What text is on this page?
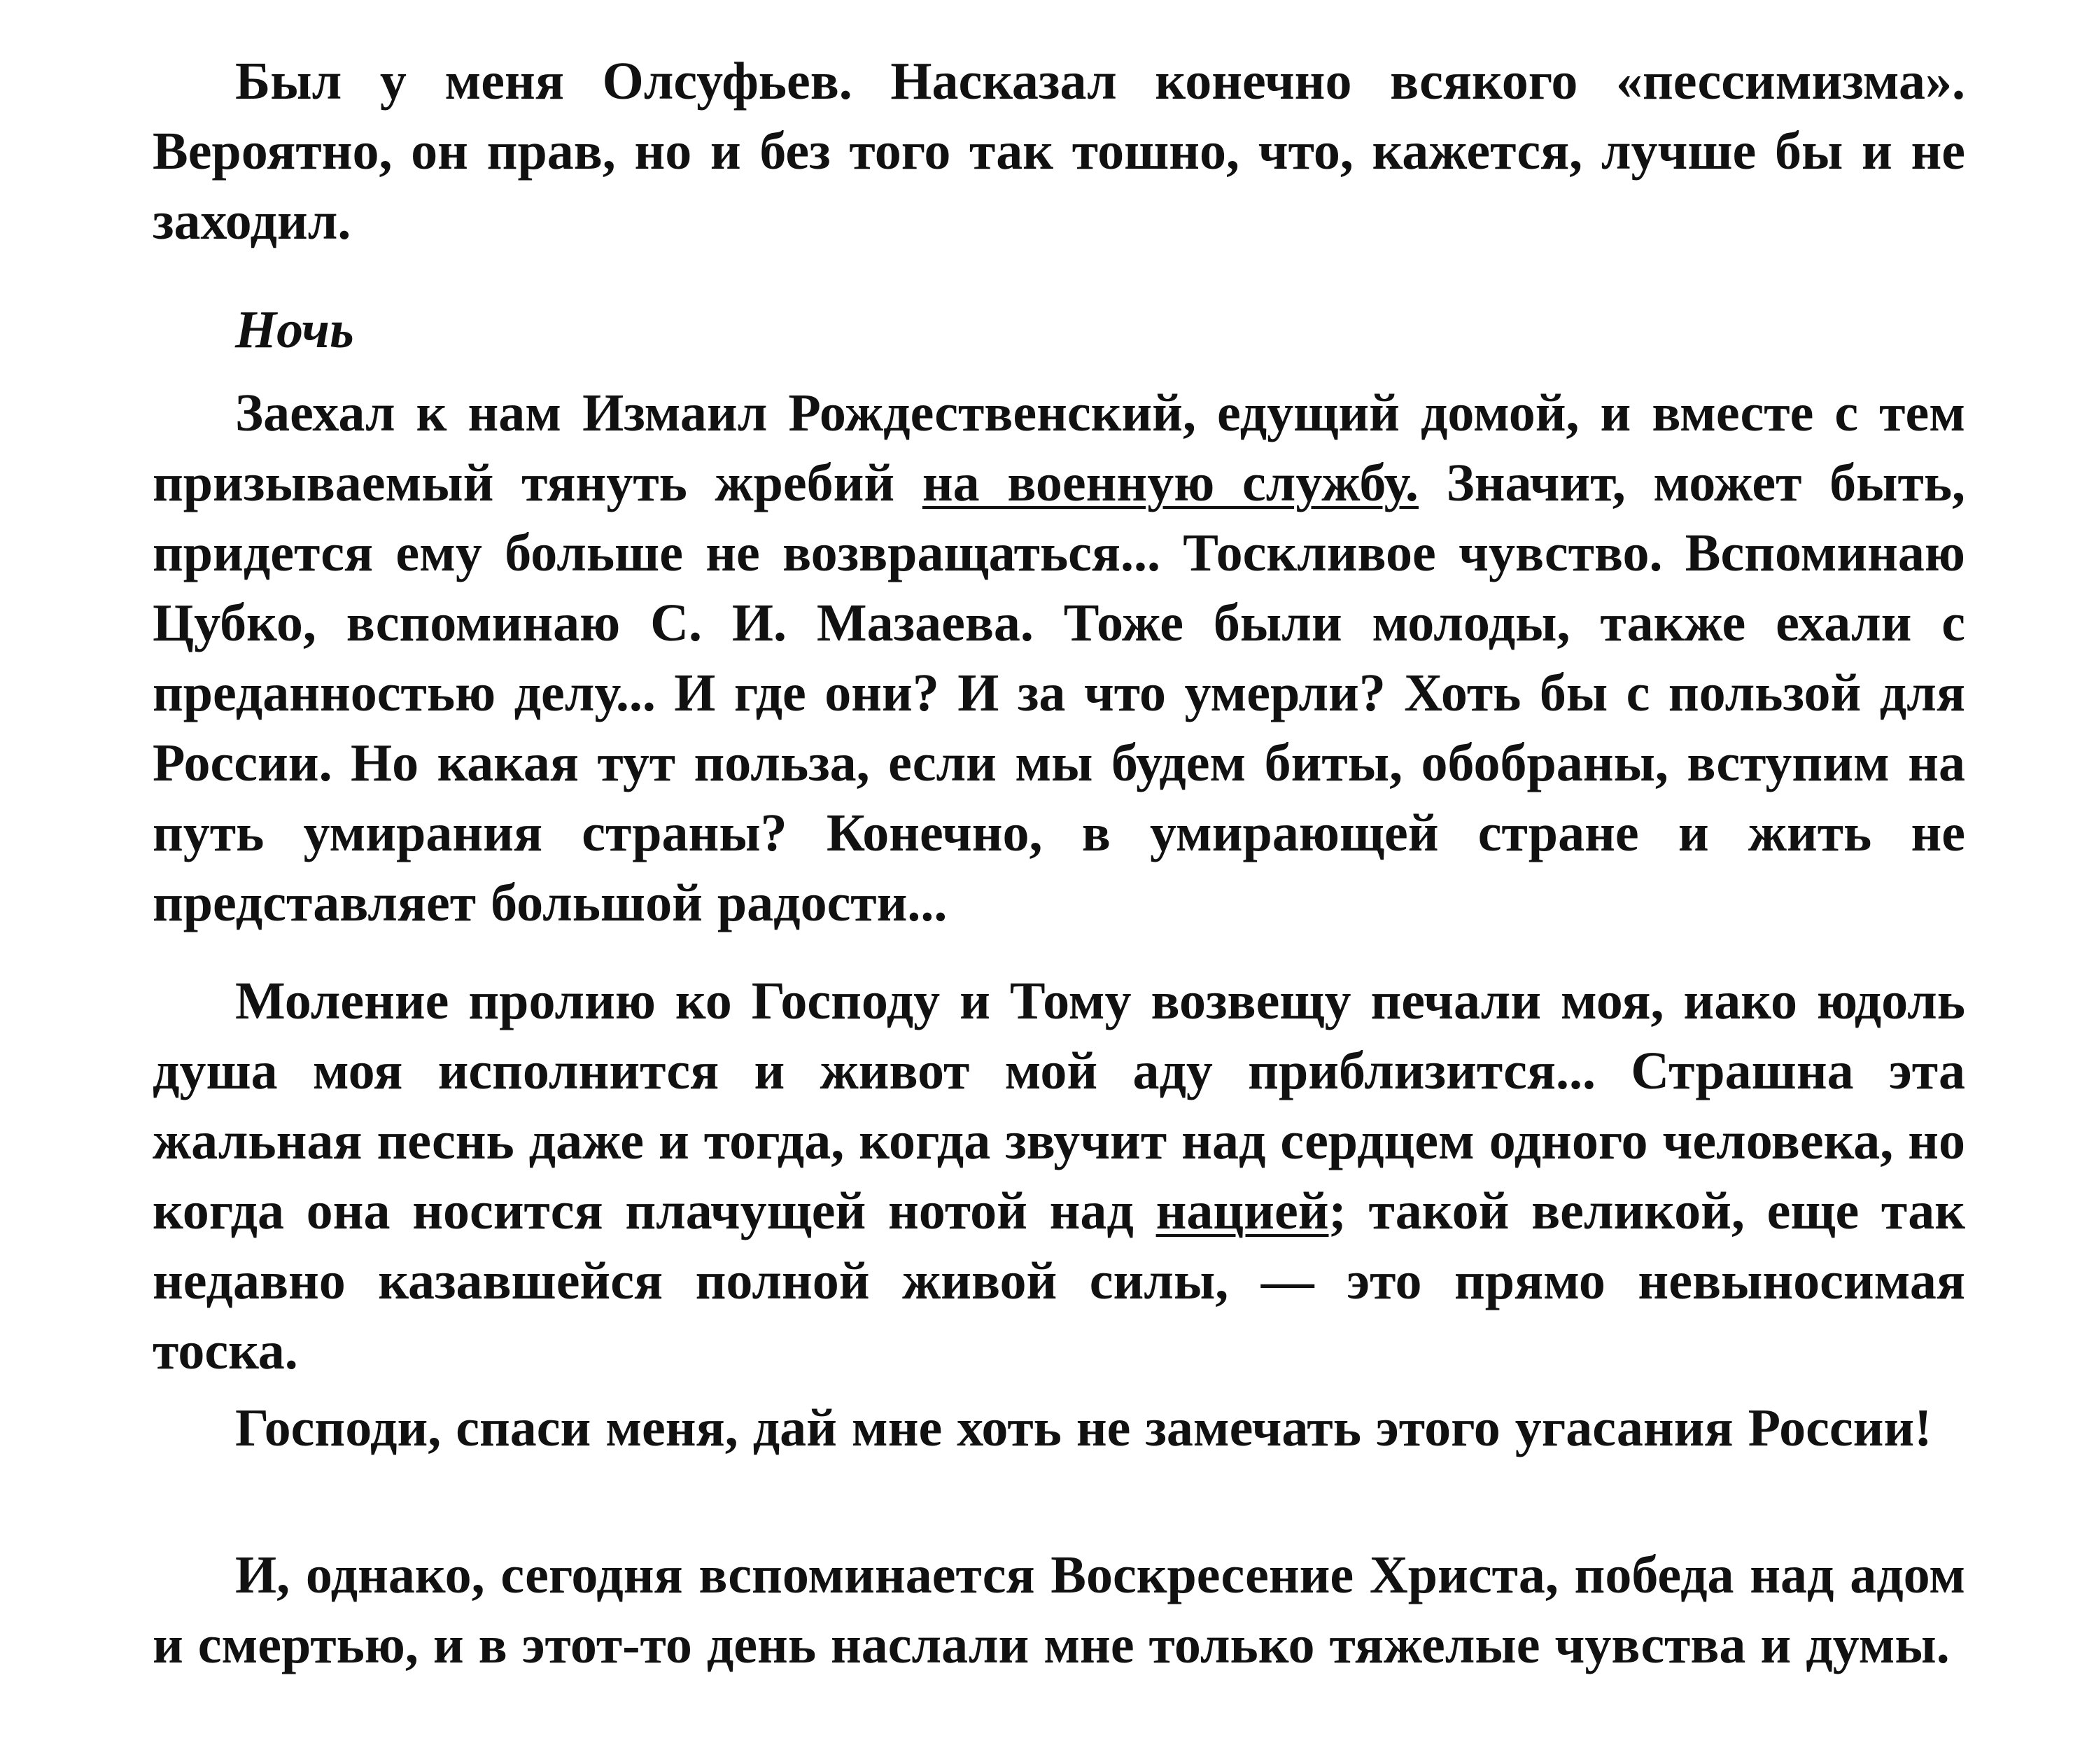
Был у меня Олсуфьев. Насказал конечно всякого «пессимизма». Вероятно, он прав, но и без того так тошно, что, кажется, лучше бы и не заходил.

Ночь

Заехал к нам Измаил Рождественский, едущий домой, и вместе с тем призываемый тянуть жребий на военную службу. Значит, может быть, придется ему больше не возвращаться... Тоскливое чувство. Вспоминаю Цубко, вспоминаю С. И. Мазаева. Тоже были молоды, также ехали с преданностью делу... И где они? И за что умерли? Хоть бы с пользой для России. Но какая тут польза, если мы будем биты, обобраны, вступим на путь умирания страны? Конечно, в умирающей стране и жить не представляет большой радости...

Моление пролию ко Господу и Тому возвещу печали моя, иако юдоль душа моя исполнится и живот мой аду приблизится... Страшна эта жальная песнь даже и тогда, когда звучит над сердцем одного человека, но когда она носится плачущей нотой над нацией; такой великой, еще так недавно казавшейся полной живой силы, — это прямо невыносимая тоска.

Господи, спаси меня, дай мне хоть не замечать этого угасания России!

И, однако, сегодня вспоминается Воскресение Христа, победа над адом и смертью, и в этот-то день наслали мне только тяжелые чувства и думы.
